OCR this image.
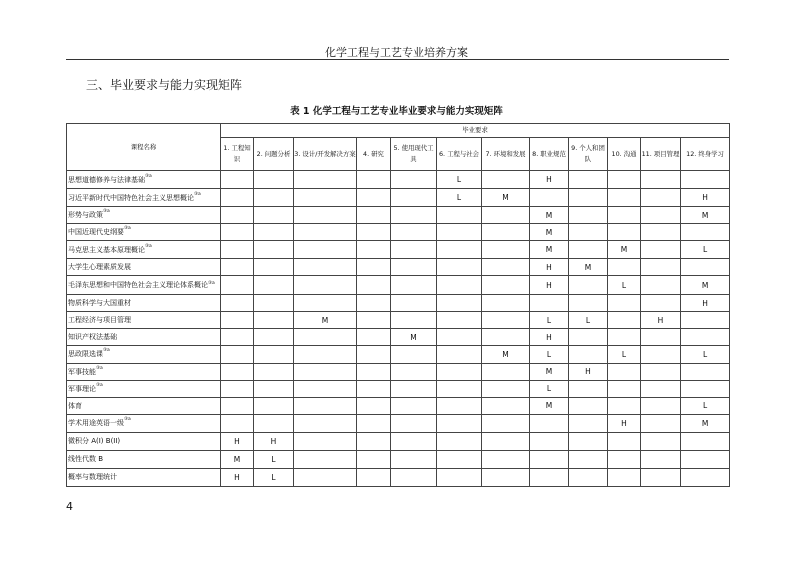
化学工程与工艺专业培养方案
三、毕业要求与能力实现矩阵
表 1 化学工程与工艺专业毕业要求与能力实现矩阵
课程名称	毕业要求											
	1. 工程知识	2. 问题分析	3. 设计/开发解决方案	4. 研究	5. 使用现代工具	6. 工程与社会	7. 环境和发展	8. 职业规范	9. 个人和团队	10. 沟通	11. 项目管理	12. 终身学习
思想道德修养与法律基础$^{③a}$						L		H				
习近平新时代中国特色社会主义思想概论$^{③a}$						L	M					H
形势与政策$^{③a}$								M				M
中国近现代史纲要$^{③a}$								M				
马克思主义基本原理概论$^{③a}$								M		M		L
大学生心理素质发展								H	M			
毛泽东思想和中国特色社会主义理论体系概论$^{③a}$								H		L		M
物质科学与大国重材												H
工程经济与项目管理			M					L	L		H	
知识产权法基础					M			H				
思政限选课$^{③a}$							M	L		L		L
军事技能$^{③a}$								M	H			
军事理论$^{③a}$								L				
体育								M				L
学术用途英语一级$^{③a}$										H		M
微积分 A(I) B(II)	H	H										
线性代数 B	M	L										
概率与数理统计	H	L										
4
